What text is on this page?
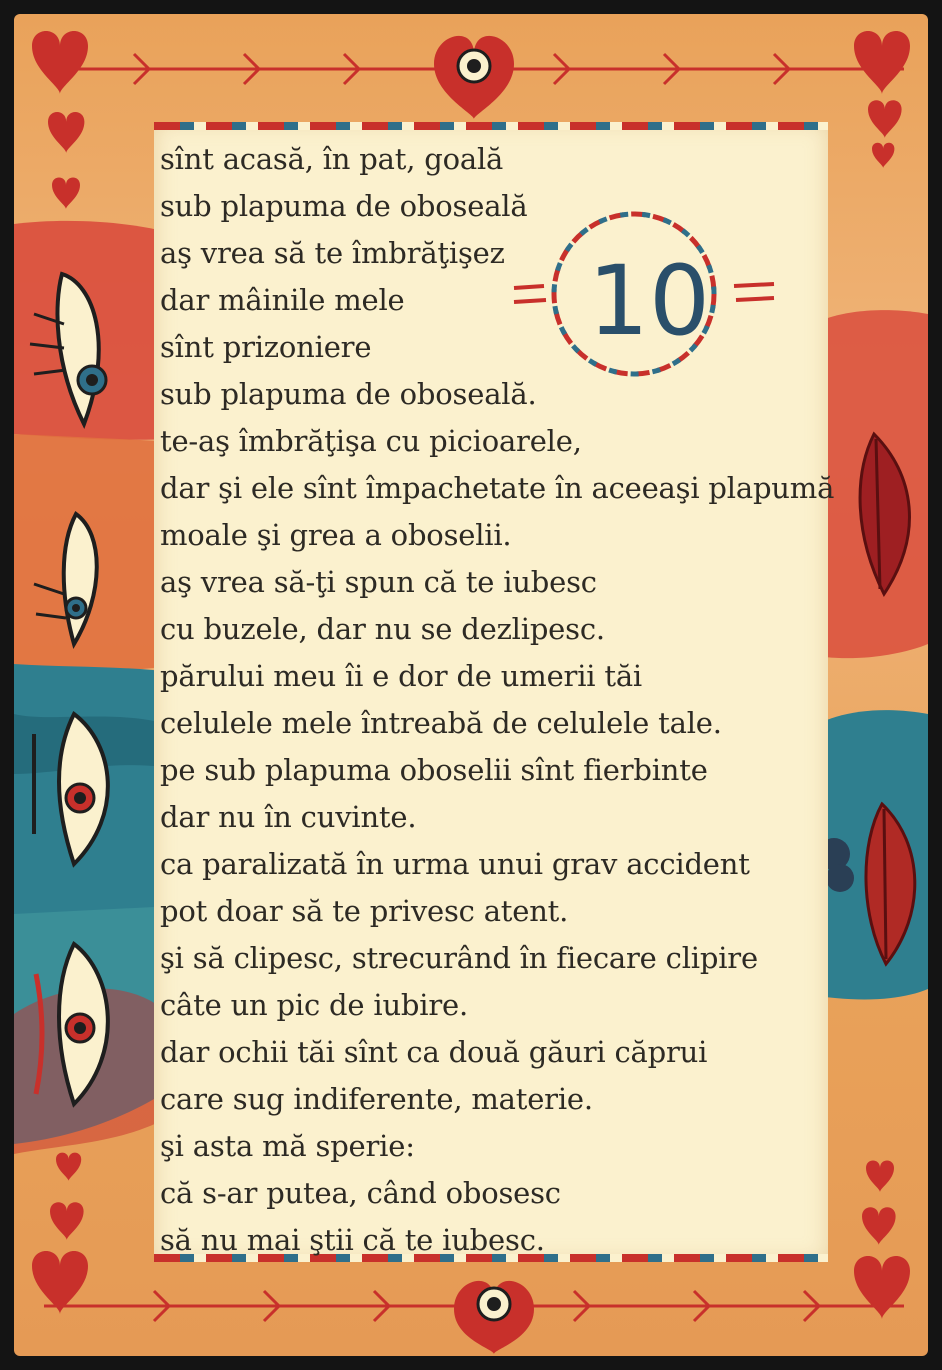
10
sînt acasă, în pat, goală
sub plapuma de oboseală
aş vrea să te îmbrăţişez
dar mâinile mele
sînt prizoniere
sub plapuma de oboseală.
te-aş îmbrăţişa cu picioarele,
dar şi ele sînt împachetate în aceeaşi plapumă
moale şi grea a oboselii.
aş vrea să-ţi spun că te iubesc
cu buzele, dar nu se dezlipesc.
părului meu îi e dor de umerii tăi
celulele mele întreabă de celulele tale.
pe sub plapuma oboselii sînt fierbinte
dar nu în cuvinte.
ca paralizată în urma unui grav accident
pot doar să te privesc atent.
şi să clipesc, strecurând în fiecare clipire
câte un pic de iubire.
dar ochii tăi sînt ca două găuri căprui
care sug indiferente, materie.
şi asta mă sperie:
că s-ar putea, când obosesc
să nu mai ştii că te iubesc.
